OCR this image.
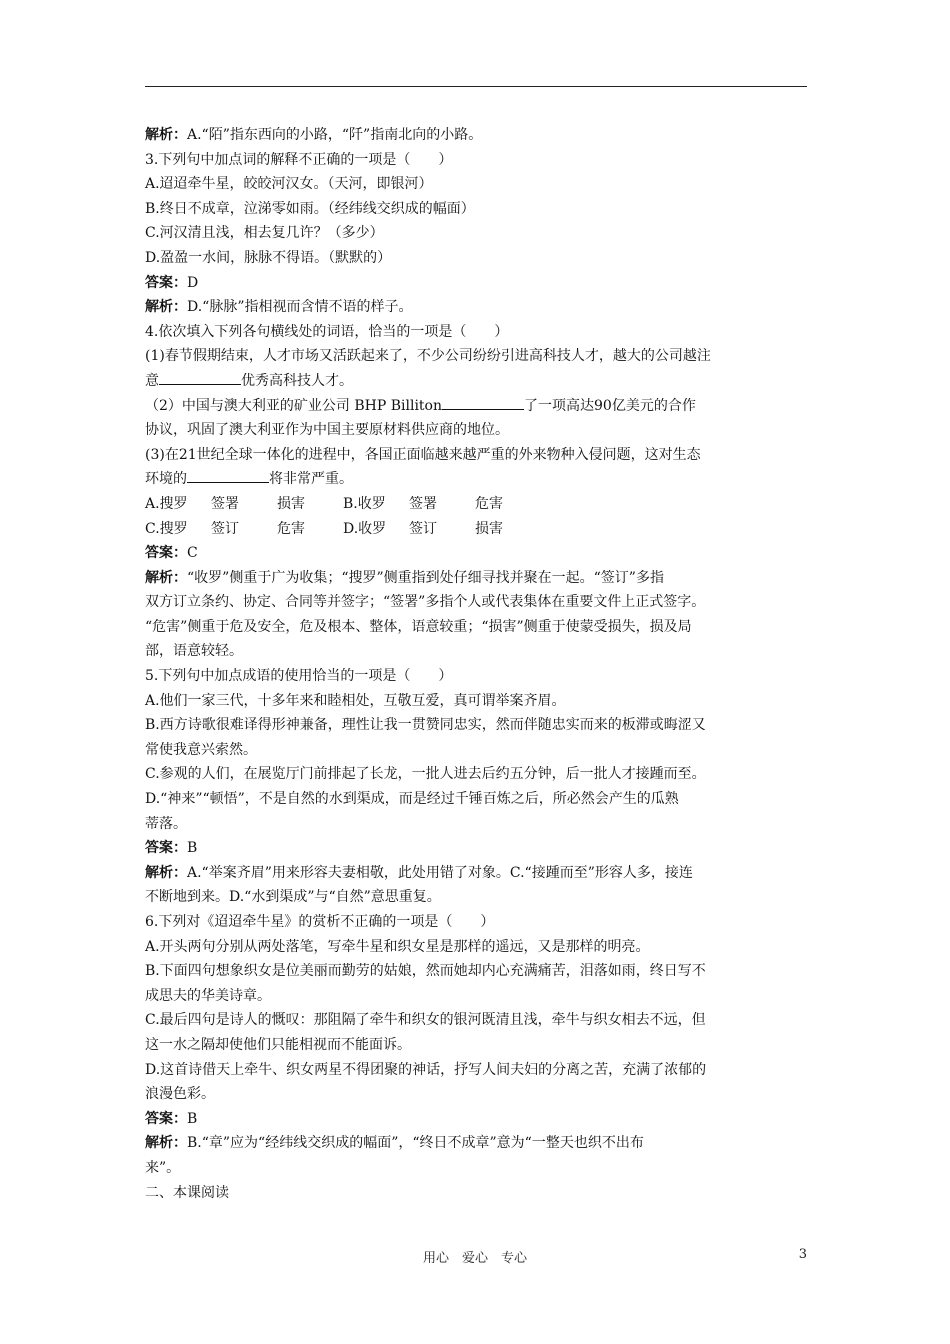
解析：A.“陌”指东西向的小路，“阡”指南北向的小路。
3.下列句中加点词的解释不正确的一项是（　　）
A.迢迢牵牛星，皎皎河汉女。（天河，即银河）
B.终日不成章，泣涕零如雨。（经纬线交织成的幅面）
C.河汉清且浅，相去复几许？（多少）
D.盈盈一水间，脉脉不得语。（默默的）
答案：D
解析：D.“脉脉”指相视而含情不语的样子。
4.依次填入下列各句横线处的词语，恰当的一项是（　　）
(1)春节假期结束，人才市场又活跃起来了，不少公司纷纷引进高科技人才，越大的公司越注
意	优秀高科技人才。
（2）中国与澳大利亚的矿业公司 BHP Billiton	了一项高达90亿美元的合作
协议，巩固了澳大利亚作为中国主要原材料供应商的地位。
(3)在21世纪全球一体化的进程中，各国正面临越来越严重的外来物种入侵问题，这对生态
环境的	将非常严重。
A.搜罗 签署	损害	B.收罗 签署	危害
C.搜罗 签订	危害	D.收罗 签订	损害
答案：C
解析：“收罗”侧重于广为收集；“搜罗”侧重指到处仔细寻找并聚在一起。“签订”多指
双方订立条约、协定、合同等并签字；“签署”多指个人或代表集体在重要文件上正式签字。
“危害”侧重于危及安全，危及根本、整体，语意较重；“损害”侧重于使蒙受损失，损及局
部，语意较轻。
5.下列句中加点成语的使用恰当的一项是（　　）
A.他们一家三代，十多年来和睦相处，互敬互爱，真可谓举案齐眉。
B.西方诗歌很难译得形神兼备，理性让我一贯赞同忠实，然而伴随忠实而来的板滞或晦涩又
常使我意兴索然。
C.参观的人们，在展览厅门前排起了长龙，一批人进去后约五分钟，后一批人才接踵而至。
D.“神来”“顿悟”，不是自然的水到渠成，而是经过千锤百炼之后，所必然会产生的瓜熟
蒂落。
答案：B
解析：A.“举案齐眉”用来形容夫妻相敬，此处用错了对象。C.“接踵而至”形容人多，接连
不断地到来。D.“水到渠成”与“自然”意思重复。
6.下列对《迢迢牵牛星》的赏析不正确的一项是（　　）
A.开头两句分别从两处落笔，写牵牛星和织女星是那样的遥远，又是那样的明亮。
B.下面四句想象织女是位美丽而勤劳的姑娘，然而她却内心充满痛苦，泪落如雨，终日写不
成思夫的华美诗章。
C.最后四句是诗人的慨叹：那阻隔了牵牛和织女的银河既清且浅，牵牛与织女相去不远，但
这一水之隔却使他们只能相视而不能面诉。
D.这首诗借天上牵牛、织女两星不得团聚的神话，抒写人间夫妇的分离之苦，充满了浓郁的
浪漫色彩。
答案：B
解析：B.“章”应为“经纬线交织成的幅面”，“终日不成章”意为“一整天也织不出布
来”。
二、本课阅读
用心　爱心　专心	3
